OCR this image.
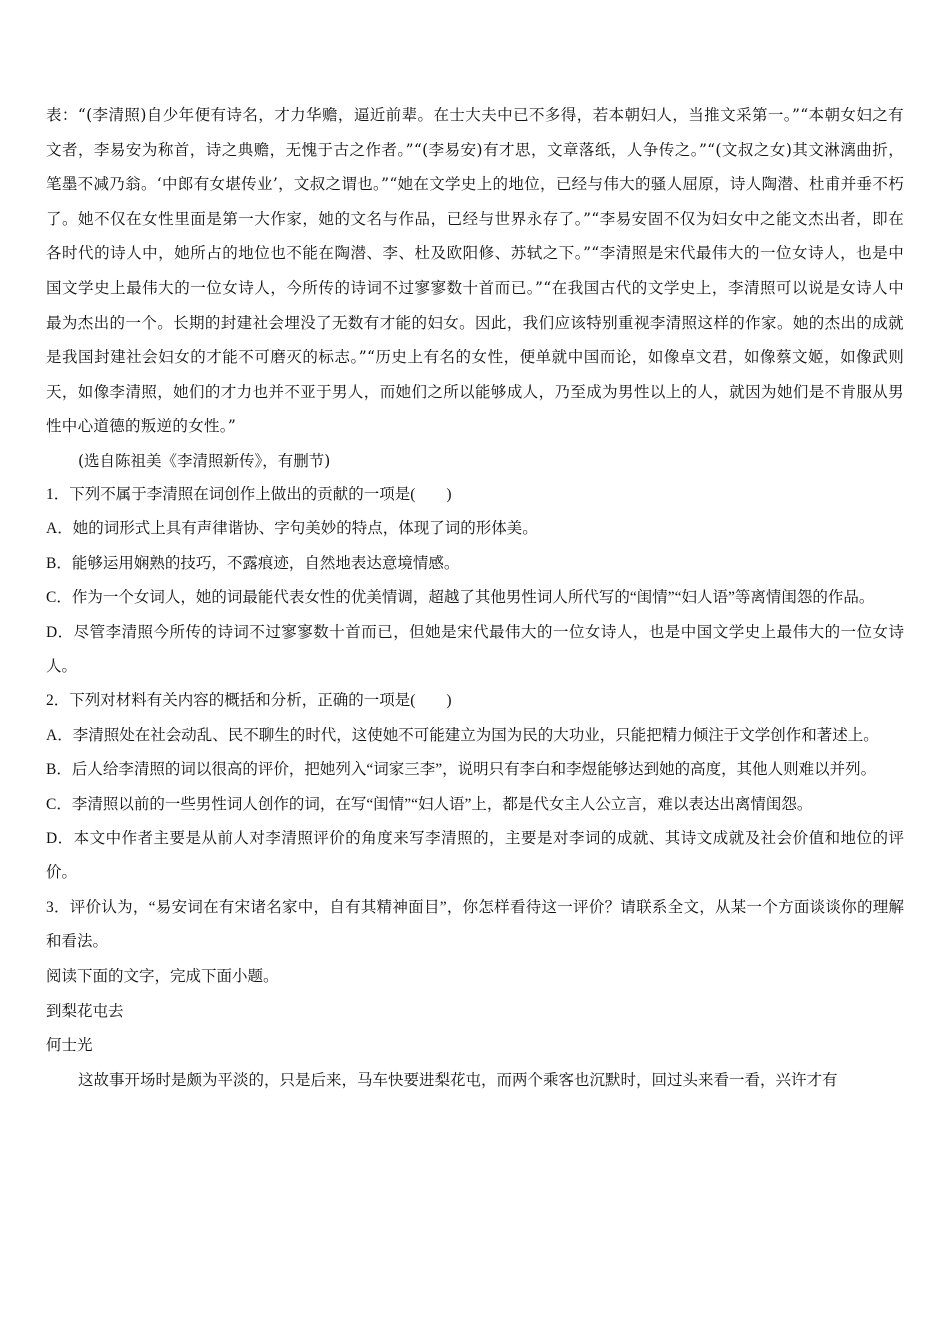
表：“(李清照)自少年便有诗名，才力华赡，逼近前辈。在士大夫中已不多得，若本朝妇人，当推文采第一。”“本朝女妇之有文者，李易安为称首，诗之典赡，无愧于古之作者。”“(李易安)有才思，文章落纸，人争传之。”“(文叔之女)其文淋漓曲折，笔墨不减乃翁。‘中郎有女堪传业’，文叔之谓也。”“她在文学史上的地位，已经与伟大的骚人屈原，诗人陶潜、杜甫并垂不朽了。她不仅在女性里面是第一大作家，她的文名与作品，已经与世界永存了。”“李易安固不仅为妇女中之能文杰出者，即在各时代的诗人中，她所占的地位也不能在陶潜、李、杜及欧阳修、苏轼之下。”“李清照是宋代最伟大的一位女诗人，也是中国文学史上最伟大的一位女诗人，今所传的诗词不过寥寥数十首而已。”“在我国古代的文学史上，李清照可以说是女诗人中最为杰出的一个。长期的封建社会埋没了无数有才能的妇女。因此，我们应该特别重视李清照这样的作家。她的杰出的成就是我国封建社会妇女的才能不可磨灭的标志。”“历史上有名的女性，便单就中国而论，如像卓文君，如像蔡文姬，如像武则天，如像李清照，她们的才力也并不亚于男人，而她们之所以能够成人，乃至成为男性以上的人，就因为她们是不肯服从男性中心道德的叛逆的女性。”

(选自陈祖美《李清照新传》，有删节)

1．下列不属于李清照在词创作上做出的贡献的一项是(　　)

A．她的词形式上具有声律谐协、字句美妙的特点，体现了词的形体美。

B．能够运用娴熟的技巧，不露痕迹，自然地表达意境情感。

C．作为一个女词人，她的词最能代表女性的优美情调，超越了其他男性词人所代写的“闺情”“妇人语”等离情闺怨的作品。

D．尽管李清照今所传的诗词不过寥寥数十首而已，但她是宋代最伟大的一位女诗人，也是中国文学史上最伟大的一位女诗人。

2．下列对材料有关内容的概括和分析，正确的一项是(　　)

A．李清照处在社会动乱、民不聊生的时代，这使她不可能建立为国为民的大功业，只能把精力倾注于文学创作和著述上。

B．后人给李清照的词以很高的评价，把她列入“词家三李”，说明只有李白和李煜能够达到她的高度，其他人则难以并列。

C．李清照以前的一些男性词人创作的词，在写“闺情”“妇人语”上，都是代女主人公立言，难以表达出离情闺怨。

D．本文中作者主要是从前人对李清照评价的角度来写李清照的，主要是对李词的成就、其诗文成就及社会价值和地位的评价。

3．评价认为，“易安词在有宋诸名家中，自有其精神面目”，你怎样看待这一评价？请联系全文，从某一个方面谈谈你的理解和看法。

阅读下面的文字，完成下面小题。

到梨花屯去

何士光

这故事开场时是颇为平淡的，只是后来，马车快要进梨花屯，而两个乘客也沉默时，回过头来看一看，兴许才有
